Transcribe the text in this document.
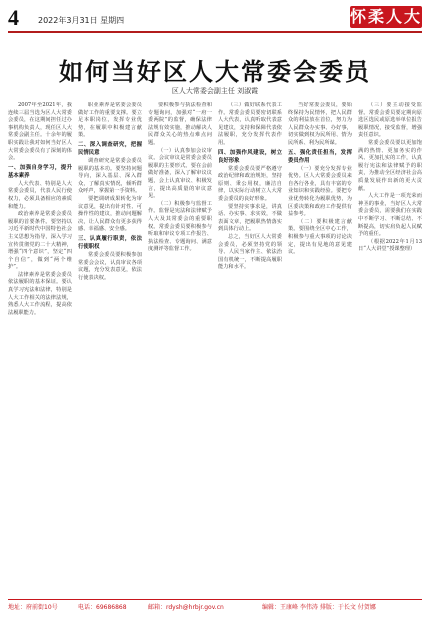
4 2022年3月31日 星期四	怀柔人大
如何当好区人大常委会委员
区人大常委会副主任 刘淑霞

2007年至2021年，我连续三届当选为区人大常委会委员，在这期间担任过办事机构负责人，现任区人大常委会副主任。十余年的履职实践让我对如何当好区人大常委会委员有了深刻的体会。

一、加强自身学习，提升基本素养

人大代表、特别是人大常委会委员，代表人民行使权力，必须具备相应的素质和能力。

政治素养是常委会委员履职的首要条件。要坚持以习近平新时代中国特色社会主义思想为指导，深入学习宣传贯彻党的二十大精神，增强“四个意识”，坚定“四个自信”，做到“两个维护”。

法律素养是常委会委员依法履职的基本保证。要认真学习宪法和法律，特别是人大工作相关的法律法规，熟悉人大工作流程，提高依法履职能力。

职业素养是常委会委员做好工作的重要支撑。要立足本职岗位，发挥专业优势，在履职中积极建言献策。

二、深入调查研究，把握民情民意

调查研究是常委会委员履职的基本功。要坚持问题导向，深入基层、深入群众，了解真实情况，倾听群众呼声，掌握第一手资料。

要把调研成果转化为审议意见，提出有针对性、可操作性的建议，推动问题解决，让人民群众有更多获得感、幸福感、安全感。

三、认真履行职责，依法行使职权

常委会委员要积极参加常委会会议，认真审议各项议题，充分发表意见，依法行使表决权。

要积极参与执法检查和专题询问，加强对“一府一委两院”的监督，确保法律法规有效实施，推动解决人民群众关心的热点难点问题。

（一）认真参加会议审议。会议审议是常委会委员履职的主要形式。要在会前做好准备，深入了解审议议题，会上认真审议、积极发言，提出高质量的审议意见。

（二）积极参与监督工作。监督是宪法和法律赋予人大及其常委会的重要职权。常委会委员要积极参与听取和审议专项工作报告、执法检查、专题询问、满意度测评等监督工作。

（三）做好联系代表工作。常委会委员要密切联系人大代表，认真听取代表意见建议，支持和保障代表依法履职，充分发挥代表作用。

四、加强作风建设，树立良好形象

常委会委员要严格遵守政治纪律和政治规矩，坚持原则、秉公用权，廉洁自律，以实际行动树立人大常委会委员的良好形象。

要坚持实事求是，讲真话、办实事、求实效，不做表面文章，把履职热情落实到具体行动上。

总之，当好区人大常委会委员，必须坚持党的领导、人民当家作主、依法治国有机统一，不断提高履职能力和水平。

当好常委会委员，要始终保持为民情怀，把人民群众的利益放在首位，努力为人民群众办实事、办好事，切实做到权为民所用、情为民所系、利为民所谋。

五、强化责任担当，发挥委员作用

（一）要充分发挥专业优势。区人大常委会委员来自各行各业，具有丰富的专业知识和实践经验。要把专业优势转化为履职优势，为区委决策和政府工作提供有益参考。

（二）要积极建言献策。要围绕全区中心工作，积极参与重大事项的讨论决定，提出有见地的意见建议。

（三）要主动接受监督。常委会委员要定期向原选区选民或原选举单位报告履职情况，接受监督，增强责任意识。

常委会委员要以更加饱满的热情、更加务实的作风、更加扎实的工作，认真履行宪法和法律赋予的职责，为推动全区经济社会高质量发展作出新的更大贡献。

人大工作是一项光荣而神圣的事业，当好区人大常委会委员，需要我们在实践中不断学习、不断总结、不断提高，切实肩负起人民赋予的重任。

（根据2022年1月13日“人大讲堂”授课整理）

地址：府前街10号	电话：69686868	邮箱：rdysh@hrbjr.gov.cn	编辑：王康峰 李伟涛 排版：于长文 付贺娜
